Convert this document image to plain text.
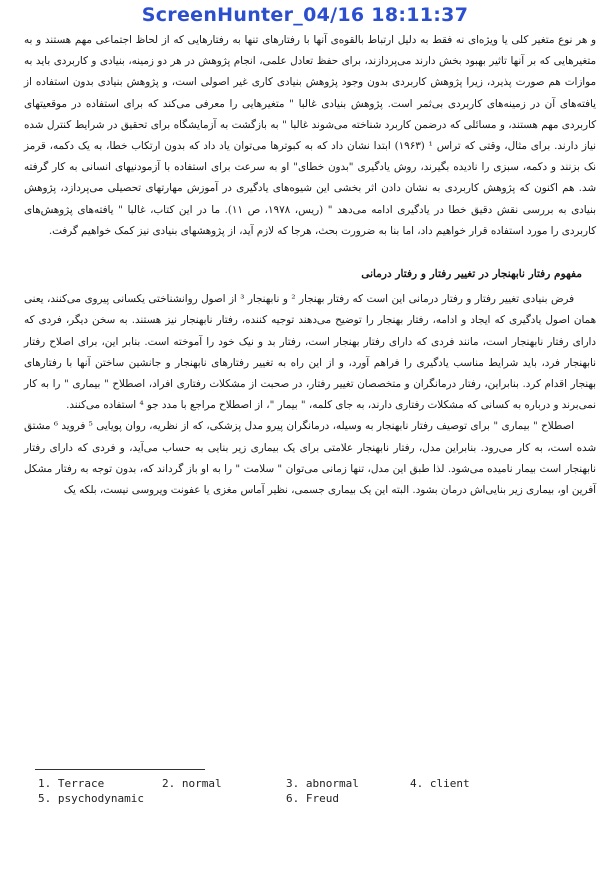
ScreenHunter_04/16 18:11:37

و هر نوع متغیر کلی یا ویژه‌ای نه فقط به دلیل ارتباط بالقوه‌ی آنها با رفتارهای تنها به رفتارهایی که از لحاظ اجتماعی مهم هستند و به متغیرهایی که بر آنها تاثیر بهبود بخش دارند می‌پردازند، برای حفظ تعادل علمی، انجام پژوهش در هر دو زمینه، بنیادی و کاربردی باید به موازات هم صورت پذیرد، زیرا پژوهش کاربردی بدون وجود پژوهش بنیادی کاری غیر اصولی است، و پژوهش بنیادی بدون استفاده از یافته‌های آن در زمینه‌های کاربردی بی‌ثمر است. پژوهش بنیادی غالبا " متغیرهایی را معرفی می‌کند که برای استفاده در موقعیتهای کاربردی مهم هستند، و مسائلی که درضمن کاربرد شناخته می‌شوند غالبا " به بازگشت به آزمایشگاه برای تحقیق در شرایط کنترل شده نیاز دارند. برای مثال، وقتی که تراس ¹ (۱۹۶۳) ابتدا نشان داد که به کبوترها می‌توان یاد داد که بدون ارتکاب خطا، به یک دکمه، قرمز نک بزنند و دکمه، سبزی را نادیده بگیرند، روش یادگیری "بدون خطای" او به سرعت برای استفاده با آزمودنیهای انسانی به کار گرفته شد. هم اکنون که پژوهش کاربردی به نشان دادن اثر بخشی این شیوه‌های یادگیری در آموزش مهارتهای تحصیلی می‌پردازد، پژوهش بنیادی به بررسی نقش دقیق خطا در یادگیری ادامه می‌دهد " (ریس، ۱۹۷۸، ص ۱۱). ما در این کتاب، غالبا " یافته‌های پژوهش‌های کاربردی را مورد استفاده قرار خواهیم داد، اما بنا به ضرورت بحث، هرجا که لازم آید، از پژوهشهای بنیادی نیز کمک خواهیم گرفت.

مفهوم رفتار نابهنجار در تغییر رفتار و رفتار درمانی

فرض بنیادی تغییر رفتار و رفتار درمانی این است که رفتار بهنجار ² و نابهنجار ³ از اصول روانشناختی یکسانی پیروی می‌کنند، یعنی همان اصول یادگیری که ایجاد و ادامه، رفتار بهنجار را توضیح می‌دهند توجیه کننده، رفتار نابهنجار نیز هستند. به سخن دیگر، فردی که دارای رفتار نابهنجار است، مانند فردی که دارای رفتار بهنجار است، رفتار بد و نیک خود را آموخته است. بنابر این، برای اصلاح رفتار نابهنجار فرد، باید شرایط مناسب یادگیری را فراهم آورد، و از این راه به تغییر رفتارهای نابهنجار و جانشین ساختن آنها با رفتارهای بهنجار اقدام کرد. بنابراین، رفتار درمانگران و متخصصان تغییر رفتار، در صحبت از مشکلات رفتاری افراد، اصطلاح " بیماری " را به کار نمی‌برند و درباره به کسانی که مشکلات رفتاری دارند، به جای کلمه، " بیمار "، از اصطلاح مراجع با مدد جو ⁴ استفاده می‌کنند.

اصطلاح " بیماری " برای توصیف رفتار نابهنجار به وسیله، درمانگران پیرو مدل پزشکی، که از نظریه، روان پویایی ⁵ فروید ⁶ مشتق شده است، به کار می‌رود. بنابراین مدل، رفتار نابهنجار علامتی برای یک بیماری زیر بنایی به حساب می‌آید، و فردی که دارای رفتار نابهنجار است بیمار نامیده می‌شود. لذا طبق این مدل، تنها زمانی می‌توان " سلامت " را به او باز گرداند که، بدون توجه به رفتار مشکل آفرین او، بیماری زیر بنایی‌اش درمان بشود. البته این یک بیماری جسمی، نظیر آماس مغزی یا عفونت ویروسی نیست، بلکه یک

1. Terrace	2. normal	3. abnormal	4. client
5. psychodynamic	6. Freud
